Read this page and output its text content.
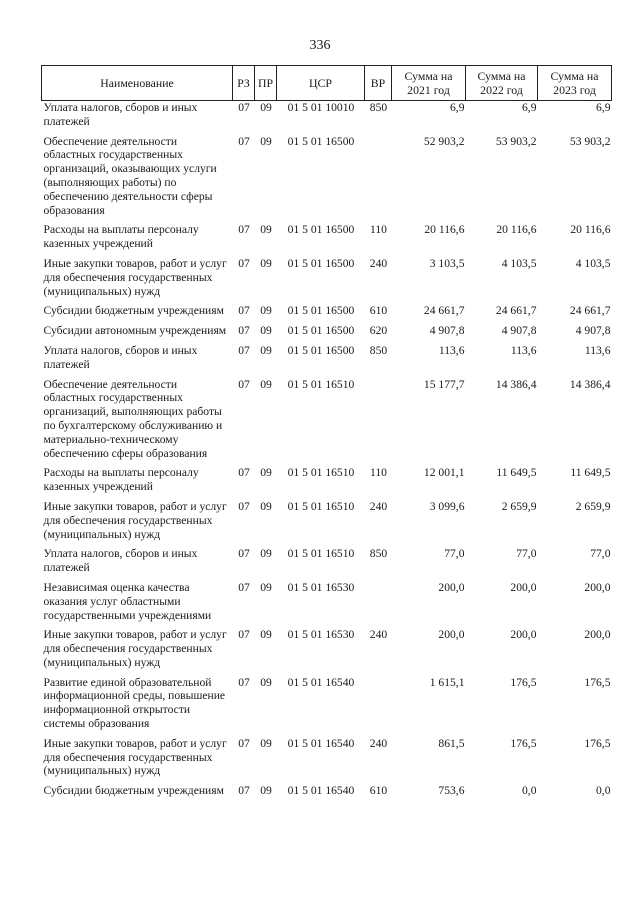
336
Наименование	РЗ	ПР	ЦСР	ВР	Сумма на 2021 год	Сумма на 2022 год	Сумма на 2023 год
Уплата налогов, сборов и иных платежей	07	09	01 5 01 10010	850	6,9	6,9	6,9
Обеспечение деятельности областных государственных организаций, оказывающих услуги (выполняющих работы) по обеспечению деятельности сферы образования	07	09	01 5 01 16500		52 903,2	53 903,2	53 903,2
Расходы на выплаты персоналу казенных учреждений	07	09	01 5 01 16500	110	20 116,6	20 116,6	20 116,6
Иные закупки товаров, работ и услуг для обеспечения государственных (муниципальных) нужд	07	09	01 5 01 16500	240	3 103,5	4 103,5	4 103,5
Субсидии бюджетным учреждениям	07	09	01 5 01 16500	610	24 661,7	24 661,7	24 661,7
Субсидии автономным учреждениям	07	09	01 5 01 16500	620	4 907,8	4 907,8	4 907,8
Уплата налогов, сборов и иных платежей	07	09	01 5 01 16500	850	113,6	113,6	113,6
Обеспечение деятельности областных государственных организаций, выполняющих работы по бухгалтерскому обслуживанию и материально-техническому обеспечению сферы образования	07	09	01 5 01 16510		15 177,7	14 386,4	14 386,4
Расходы на выплаты персоналу казенных учреждений	07	09	01 5 01 16510	110	12 001,1	11 649,5	11 649,5
Иные закупки товаров, работ и услуг для обеспечения государственных (муниципальных) нужд	07	09	01 5 01 16510	240	3 099,6	2 659,9	2 659,9
Уплата налогов, сборов и иных платежей	07	09	01 5 01 16510	850	77,0	77,0	77,0
Независимая оценка качества оказания услуг областными государственными учреждениями	07	09	01 5 01 16530		200,0	200,0	200,0
Иные закупки товаров, работ и услуг для обеспечения государственных (муниципальных) нужд	07	09	01 5 01 16530	240	200,0	200,0	200,0
Развитие единой образовательной информационной среды, повышение информационной открытости системы образования	07	09	01 5 01 16540		1 615,1	176,5	176,5
Иные закупки товаров, работ и услуг для обеспечения государственных (муниципальных) нужд	07	09	01 5 01 16540	240	861,5	176,5	176,5
Субсидии бюджетным учреждениям	07	09	01 5 01 16540	610	753,6	0,0	0,0
